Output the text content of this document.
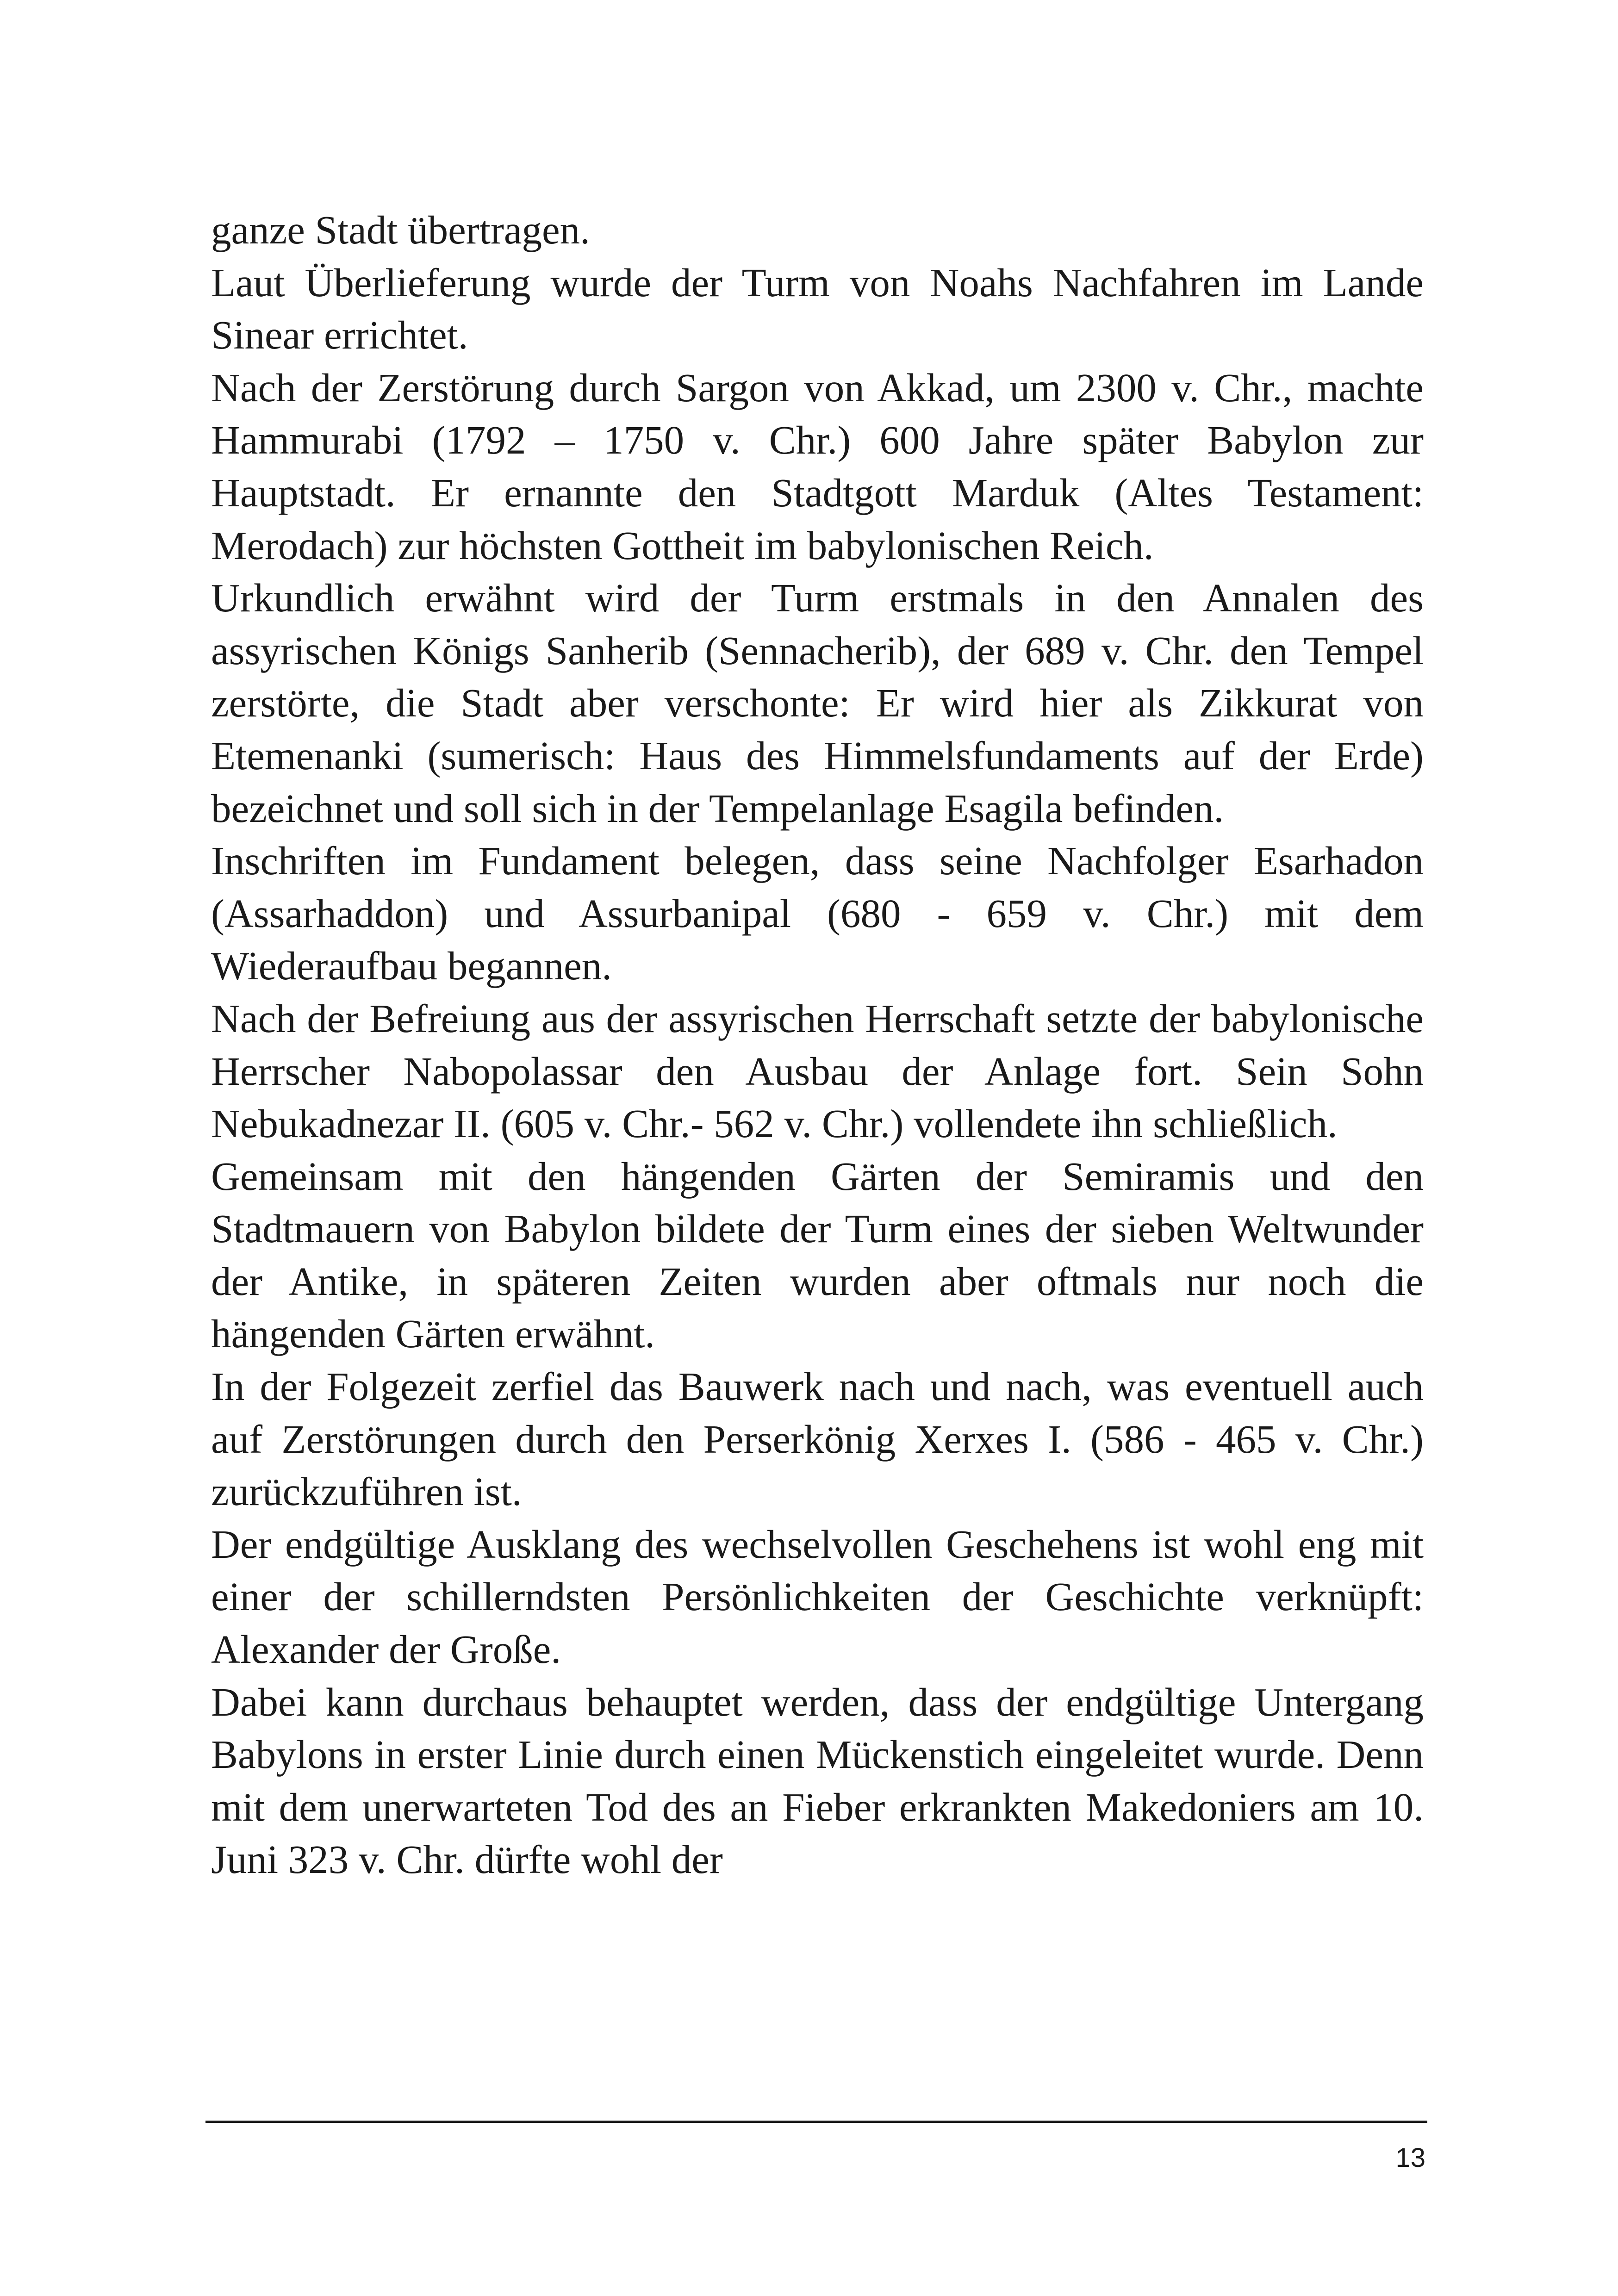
ganze Stadt übertragen.

Laut Überlieferung wurde der Turm von Noahs Nachfahren im Lande Sinear errichtet.

Nach der Zerstörung durch Sargon von Akkad, um 2300 v. Chr., machte Hammurabi (1792 – 1750 v. Chr.) 600 Jahre später Babylon zur Hauptstadt. Er ernannte den Stadtgott Marduk (Altes Testament: Merodach) zur höchsten Gottheit im babylonischen Reich.

Urkundlich erwähnt wird der Turm erstmals in den Annalen des assyrischen Königs Sanherib (Sennacherib), der 689 v. Chr. den Tempel zerstörte, die Stadt aber verschonte: Er wird hier als Zikkurat von Etemenanki (sumerisch: Haus des Himmelsfundaments auf der Erde) bezeichnet und soll sich in der Tempelanlage Esagila befinden.

Inschriften im Fundament belegen, dass seine Nachfolger Esarhadon (Assarhaddon) und Assurbanipal (680 - 659 v. Chr.) mit dem Wiederaufbau begannen.

Nach der Befreiung aus der assyrischen Herrschaft setzte der babylonische Herrscher Nabopolassar den Ausbau der Anlage fort. Sein Sohn Nebukadnezar II. (605 v. Chr.- 562 v. Chr.) vollendete ihn schließlich.

Gemeinsam mit den hängenden Gärten der Semiramis und den Stadtmauern von Babylon bildete der Turm eines der sieben Weltwunder der Antike, in späteren Zeiten wurden aber oftmals nur noch die hängenden Gärten erwähnt.

In der Folgezeit zerfiel das Bauwerk nach und nach, was eventuell auch auf Zerstörungen durch den Perserkönig Xerxes I. (586 - 465 v. Chr.) zurückzuführen ist.

Der endgültige Ausklang des wechselvollen Geschehens ist wohl eng mit einer der schillerndsten Persönlichkeiten der Geschichte verknüpft: Alexander der Große.

Dabei kann durchaus behauptet werden, dass der endgültige Untergang Babylons in erster Linie durch einen Mückenstich eingeleitet wurde. Denn mit dem unerwarteten Tod des an Fieber erkrankten Makedoniers am 10. Juni 323 v. Chr. dürfte wohl der

13
